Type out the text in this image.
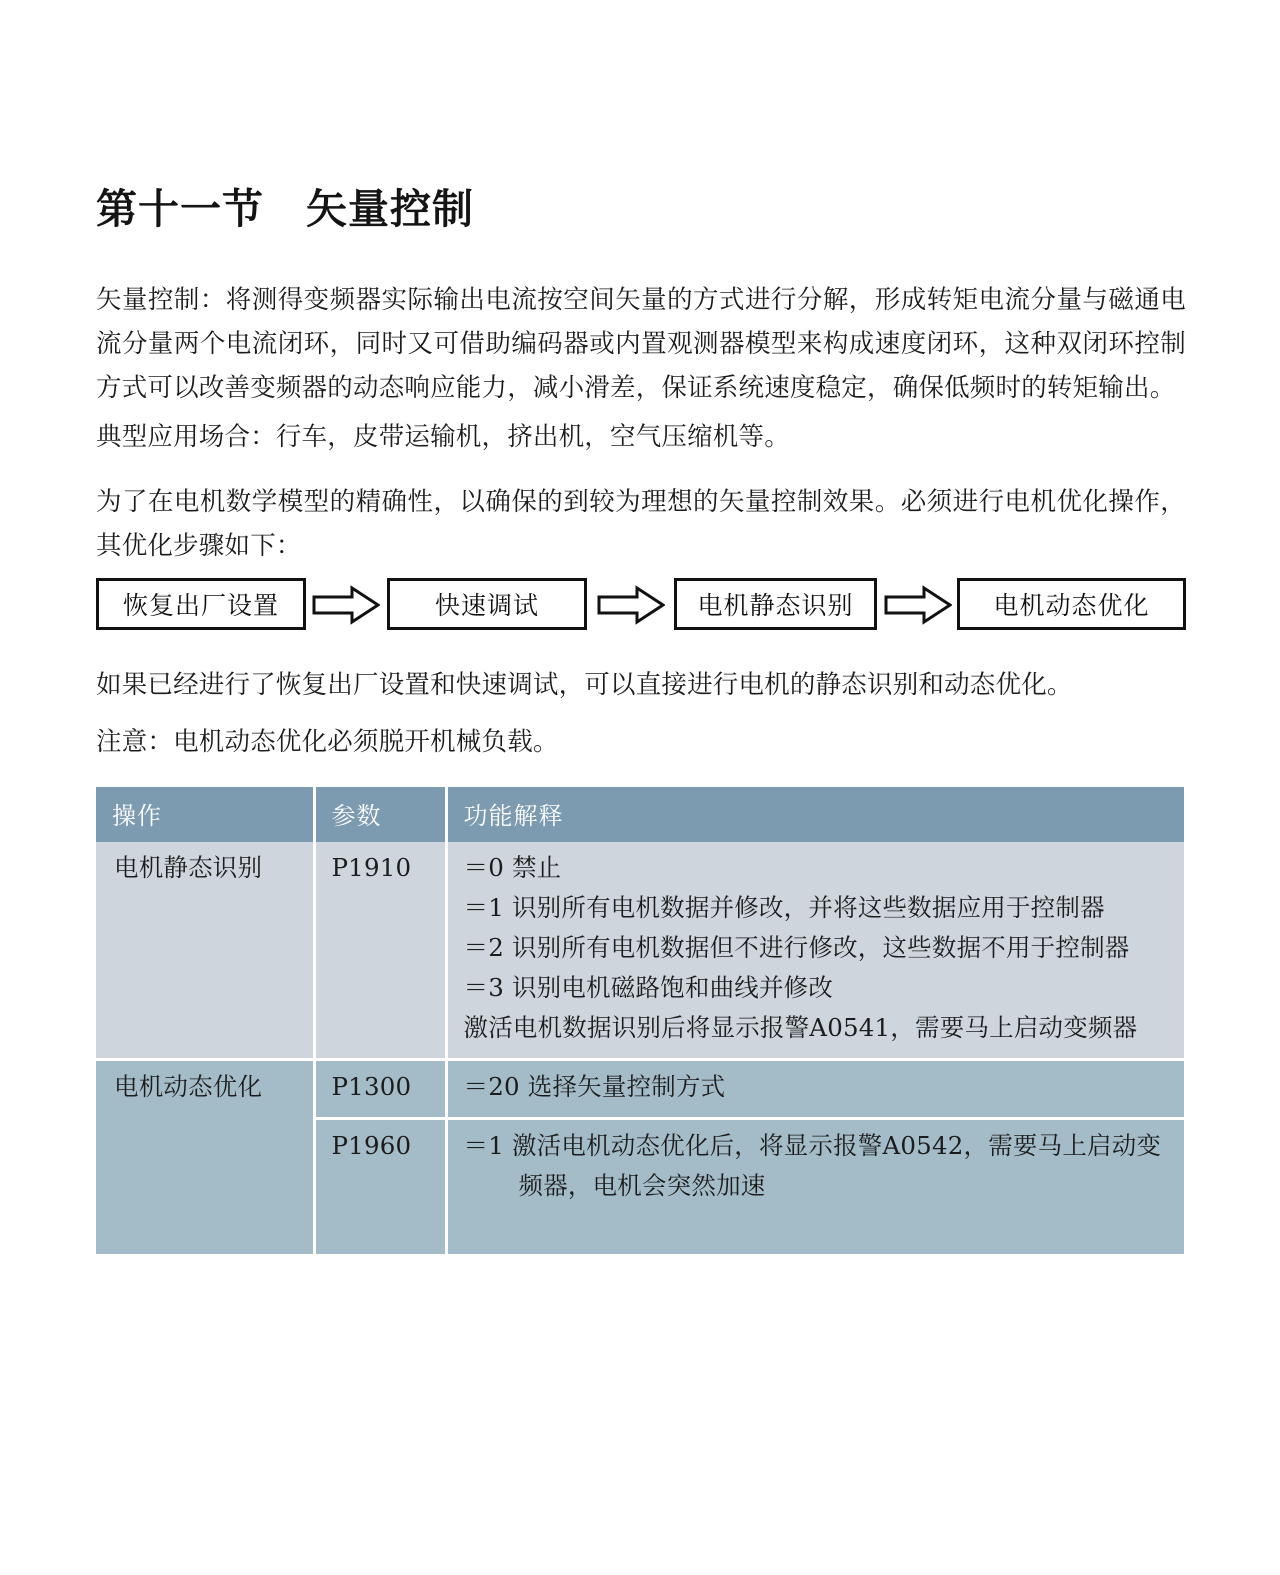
第十一节　矢量控制
矢量控制：将测得变频器实际输出电流按空间矢量的方式进行分解，形成转矩电流分量与磁通电流分量两个电流闭环，同时又可借助编码器或内置观测器模型来构成速度闭环，这种双闭环控制方式可以改善变频器的动态响应能力，减小滑差，保证系统速度稳定，确保低频时的转矩输出。
典型应用场合：行车，皮带运输机，挤出机，空气压缩机等。
为了在电机数学模型的精确性，以确保的到较为理想的矢量控制效果。必须进行电机优化操作，其优化步骤如下：
恢复出厂设置	快速调试	电机静态识别	电机动态优化
如果已经进行了恢复出厂设置和快速调试，可以直接进行电机的静态识别和动态优化。
注意：电机动态优化必须脱开机械负载。
操作	参数	功能解释
电机静态识别	P1910	＝0 禁止
＝1 识别所有电机数据并修改，并将这些数据应用于控制器
＝2 识别所有电机数据但不进行修改，这些数据不用于控制器
＝3 识别电机磁路饱和曲线并修改
激活电机数据识别后将显示报警A0541，需要马上启动变频器

电机动态优化	P1300	＝20 选择矢量控制方式

	P1960	＝1 激活电机动态优化后，将显示报警A0542，需要马上启动变
频器，电机会突然加速
